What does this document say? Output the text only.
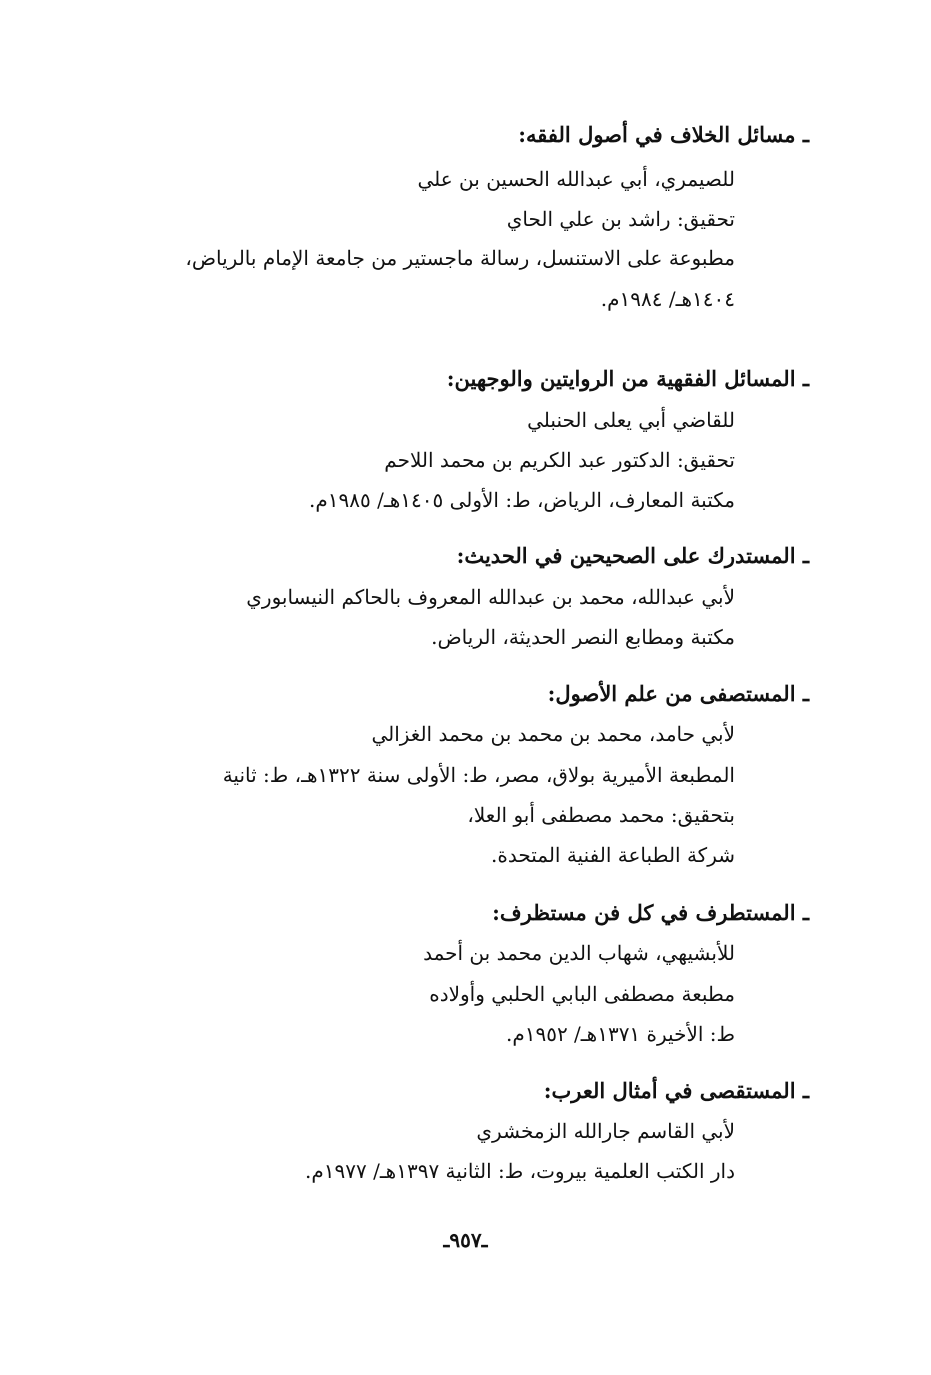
ـ مسائل الخلاف في أصول الفقه:
للصيمري، أبي عبدالله الحسين بن علي
تحقيق: راشد بن علي الحاي
مطبوعة على الاستنسل، رسالة ماجستير من جامعة الإمام بالرياض،
١٤٠٤هـ/ ١٩٨٤م.
ـ المسائل الفقهية من الروايتين والوجهين:
للقاضي أبي يعلى الحنبلي
تحقيق: الدكتور عبد الكريم بن محمد اللاحم
مكتبة المعارف، الرياض، ط: الأولى ١٤٠٥هـ/ ١٩٨٥م.
ـ المستدرك على الصحيحين في الحديث:
لأبي عبدالله، محمد بن عبدالله المعروف بالحاكم النيسابوري
مكتبة ومطابع النصر الحديثة، الرياض.
ـ المستصفى من علم الأصول:
لأبي حامد، محمد بن محمد بن محمد الغزالي
المطبعة الأميرية بولاق، مصر، ط: الأولى سنة ١٣٢٢هـ، ط: ثانية
بتحقيق: محمد مصطفى أبو العلا،
شركة الطباعة الفنية المتحدة.
ـ المستطرف في كل فن مستظرف:
للأبشيهي، شهاب الدين محمد بن أحمد
مطبعة مصطفى البابي الحلبي وأولاده
ط: الأخيرة ١٣٧١هـ/ ١٩٥٢م.
ـ المستقصى في أمثال العرب:
لأبي القاسم جارالله الزمخشري
دار الكتب العلمية بيروت، ط: الثانية ١٣٩٧هـ/ ١٩٧٧م.
ـ٩٥٧ـ
